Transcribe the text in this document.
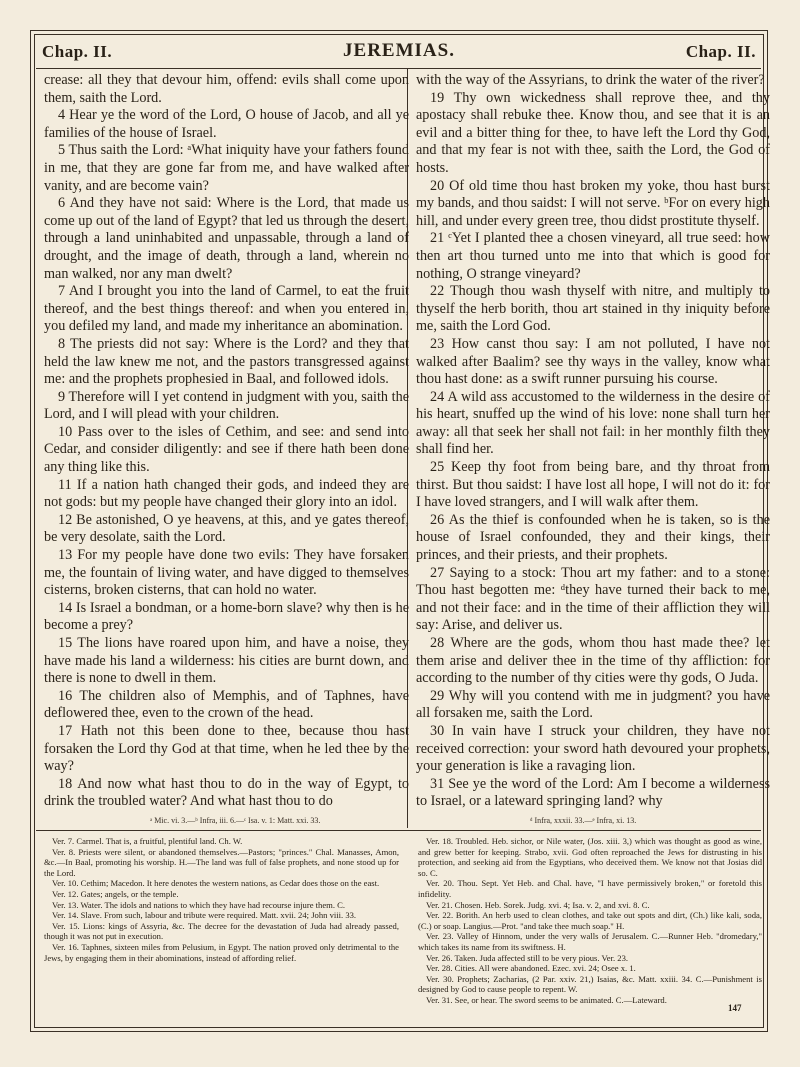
Chap. II.	JEREMIAS.	Chap. II.

crease: all they that devour him, offend: evils shall come upon them, saith the Lord.

4 Hear ye the word of the Lord, O house of Jacob, and all ye families of the house of Israel.

5 Thus saith the Lord: ᵃWhat iniquity have your fathers found in me, that they are gone far from me, and have walked after vanity, and are become vain?

6 And they have not said: Where is the Lord, that made us come up out of the land of Egypt? that led us through the desert, through a land uninhabited and unpassable, through a land of drought, and the image of death, through a land, wherein no man walked, nor any man dwelt?

7 And I brought you into the land of Carmel, to eat the fruit thereof, and the best things thereof: and when you entered in, you defiled my land, and made my inheritance an abomination.

8 The priests did not say: Where is the Lord? and they that held the law knew me not, and the pastors transgressed against me: and the prophets prophesied in Baal, and followed idols.

9 Therefore will I yet contend in judgment with you, saith the Lord, and I will plead with your children.

10 Pass over to the isles of Cethim, and see: and send into Cedar, and consider diligently: and see if there hath been done any thing like this.

11 If a nation hath changed their gods, and indeed they are not gods: but my people have changed their glory into an idol.

12 Be astonished, O ye heavens, at this, and ye gates thereof, be very desolate, saith the Lord.

13 For my people have done two evils: They have forsaken me, the fountain of living water, and have digged to themselves cisterns, broken cisterns, that can hold no water.

14 Is Israel a bondman, or a home-born slave? why then is he become a prey?

15 The lions have roared upon him, and have a noise, they have made his land a wilderness: his cities are burnt down, and there is none to dwell in them.

16 The children also of Memphis, and of Taphnes, have deflowered thee, even to the crown of the head.

17 Hath not this been done to thee, because thou hast forsaken the Lord thy God at that time, when he led thee by the way?

18 And now what hast thou to do in the way of Egypt, to drink the troubled water? And what hast thou to do

with the way of the Assyrians, to drink the water of the river?

19 Thy own wickedness shall reprove thee, and thy apostacy shall rebuke thee. Know thou, and see that it is an evil and a bitter thing for thee, to have left the Lord thy God, and that my fear is not with thee, saith the Lord, the God of hosts.

20 Of old time thou hast broken my yoke, thou hast burst my bands, and thou saidst: I will not serve. ᵇFor on every high hill, and under every green tree, thou didst prostitute thyself.

21 ᶜYet I planted thee a chosen vineyard, all true seed: how then art thou turned unto me into that which is good for nothing, O strange vineyard?

22 Though thou wash thyself with nitre, and multiply to thyself the herb borith, thou art stained in thy iniquity before me, saith the Lord God.

23 How canst thou say: I am not polluted, I have not walked after Baalim? see thy ways in the valley, know what thou hast done: as a swift runner pursuing his course.

24 A wild ass accustomed to the wilderness in the desire of his heart, snuffed up the wind of his love: none shall turn her away: all that seek her shall not fail: in her monthly filth they shall find her.

25 Keep thy foot from being bare, and thy throat from thirst. But thou saidst: I have lost all hope, I will not do it: for I have loved strangers, and I will walk after them.

26 As the thief is confounded when he is taken, so is the house of Israel confounded, they and their kings, their princes, and their priests, and their prophets.

27 Saying to a stock: Thou art my father: and to a stone: Thou hast begotten me: ᵈthey have turned their back to me, and not their face: and in the time of their affliction they will say: Arise, and deliver us.

28 Where are the gods, whom thou hast made thee? let them arise and deliver thee in the time of thy affliction: for according to the number of thy cities were thy gods, O Juda.

29 Why will you contend with me in judgment? you have all forsaken me, saith the Lord.

30 In vain have I struck your children, they have not received correction: your sword hath devoured your prophets, your generation is like a ravaging lion.

31 See ye the word of the Lord: Am I become a wilderness to Israel, or a lateward springing land? why

ᵃ Mic. vi. 3.—ᵇ Infra, iii. 6.—ᶜ Isa. v. 1: Matt. xxi. 33.	ᵈ Infra, xxxii. 33.—ᵉ Infra, xi. 13.

Ver. 7. Carmel. That is, a fruitful, plentiful land. Ch. W.

Ver. 8. Priests were silent, or abandoned themselves.—Pastors; "princes." Chal. Manasses, Amon, &c.—In Baal, promoting his worship. H.—The land was full of false prophets, and none stood up for the Lord.

Ver. 10. Cethim; Macedon. It here denotes the western nations, as Cedar does those on the east.

Ver. 12. Gates; angels, or the temple.

Ver. 13. Water. The idols and nations to which they have had recourse injure them. C.

Ver. 14. Slave. From such, labour and tribute were required. Matt. xvii. 24; John viii. 33.

Ver. 15. Lions: kings of Assyria, &c. The decree for the devastation of Juda had already passed, though it was not put in execution.

Ver. 16. Taphnes, sixteen miles from Pelusium, in Egypt. The nation proved only detrimental to the Jews, by engaging them in their abominations, instead of affording relief.

Ver. 18. Troubled. Heb. sichor, or Nile water, (Jos. xiii. 3,) which was thought as good as wine, and grew better for keeping. Strabo, xvii. God often reproached the Jews for distrusting in his protection, and seeking aid from the Egyptians, who deceived them. We know not that Josias did so. C.

Ver. 20. Thou. Sept. Yet Heb. and Chal. have, "I have permissively broken," or foretold this infidelity.

Ver. 21. Chosen. Heb. Sorek. Judg. xvi. 4; Isa. v. 2, and xvi. 8. C.

Ver. 22. Borith. An herb used to clean clothes, and take out spots and dirt, (Ch.) like kali, soda, (C.) or soap. Langius.—Prot. "and take thee much soap." H.

Ver. 23. Valley of Hinnom, under the very walls of Jerusalem. C.—Runner Heb. "dromedary," which takes its name from its swiftness. H.

Ver. 26. Taken. Juda affected still to be very pious. Ver. 23.

Ver. 28. Cities. All were abandoned. Ezec. xvi. 24; Osee x. 1.

Ver. 30. Prophets; Zacharias, (2 Par. xxiv. 21,) Isaias, &c. Matt. xxiii. 34. C.—Punishment is designed by God to cause people to repent. W.

Ver. 31. See, or hear. The sword seems to be animated. C.—Lateward.

147
